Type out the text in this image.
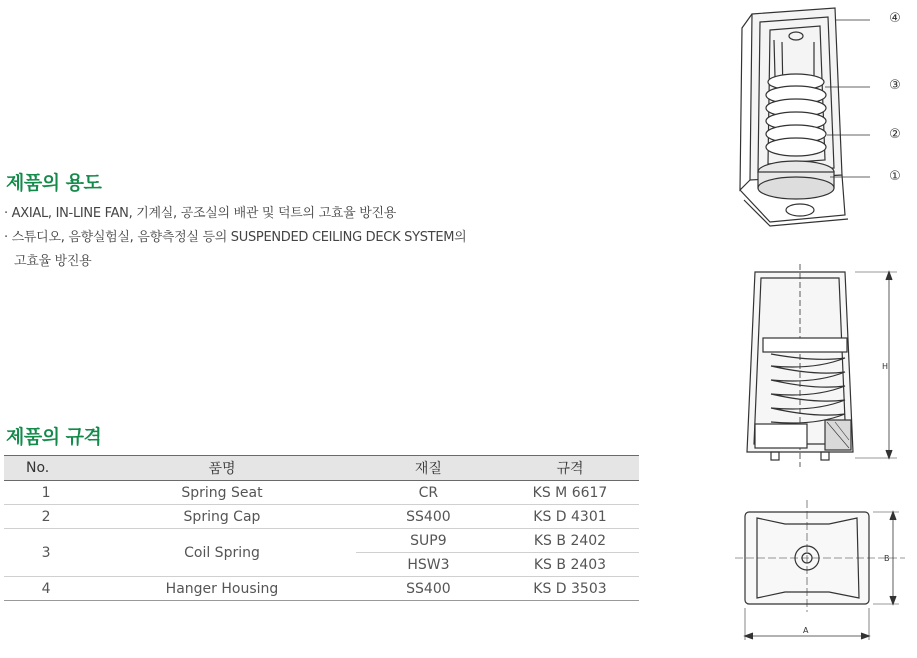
제품의 용도
· AXIAL, IN-LINE FAN, 기계실, 공조실의 배관 및 덕트의 고효율 방진용
· 스튜디오, 음향실험실, 음향측정실 등의 SUSPENDED CEILING DECK SYSTEM의
고효율 방진용
제품의 규격
No.	품명	재질	규격
1	Spring Seat	CR	KS M 6617
2	Spring Cap	SS400	KS D 4301
3	Coil Spring	SUP9	KS B 2402
		HSW3	KS B 2403
4	Hanger Housing	SS400	KS D 3503
④
③
②
①
H
B
A
